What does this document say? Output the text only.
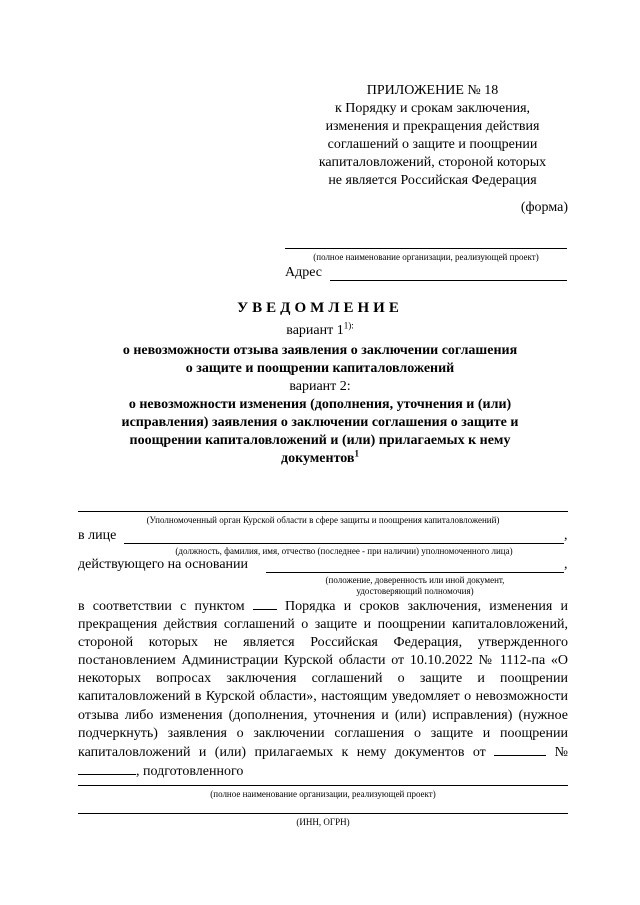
ПРИЛОЖЕНИЕ № 18
к Порядку и срокам заключения,
изменения и прекращения действия
соглашений о защите и поощрении
капиталовложений, стороной которых
не является Российская Федерация
(форма)
(полное наименование организации, реализующей проект)
Адрес
УВЕДОМЛЕНИЕ
вариант $1^{1):}$
о невозможности отзыва заявления о заключении соглашения
о защите и поощрении капиталовложений
вариант 2:
о невозможности изменения (дополнения, уточнения и (или)
исправления) заявления о заключении соглашения о защите и
поощрении капиталовложений и (или) прилагаемых к нему
документов$^1$
(Уполномоченный орган Курской области в сфере защиты и поощрения капиталовложений)
в лице	,
(должность, фамилия, имя, отчество (последнее - при наличии) уполномоченного лица)
действующего на основании	,
(положение, доверенность или иной документ,
удостоверяющий полномочия)
в соответствии с пунктом	Порядка и сроков заключения, изменения и прекращения действия соглашений о защите и поощрении капиталовложений, стороной которых не является Российская Федерация, утвержденного постановлением Администрации Курской области от 10.10.2022 № 1112-па «О некоторых вопросах заключения соглашений о защите и поощрении капиталовложений в Курской области», настоящим уведомляет о невозможности отзыва либо изменения (дополнения, уточнения и (или) исправления) (нужное подчеркнуть) заявления о заключении соглашения о защите и поощрении капиталовложений и (или) прилагаемых к нему документов от	№ , подготовленного
(полное наименование организации, реализующей проект)
(ИНН, ОГРН)
